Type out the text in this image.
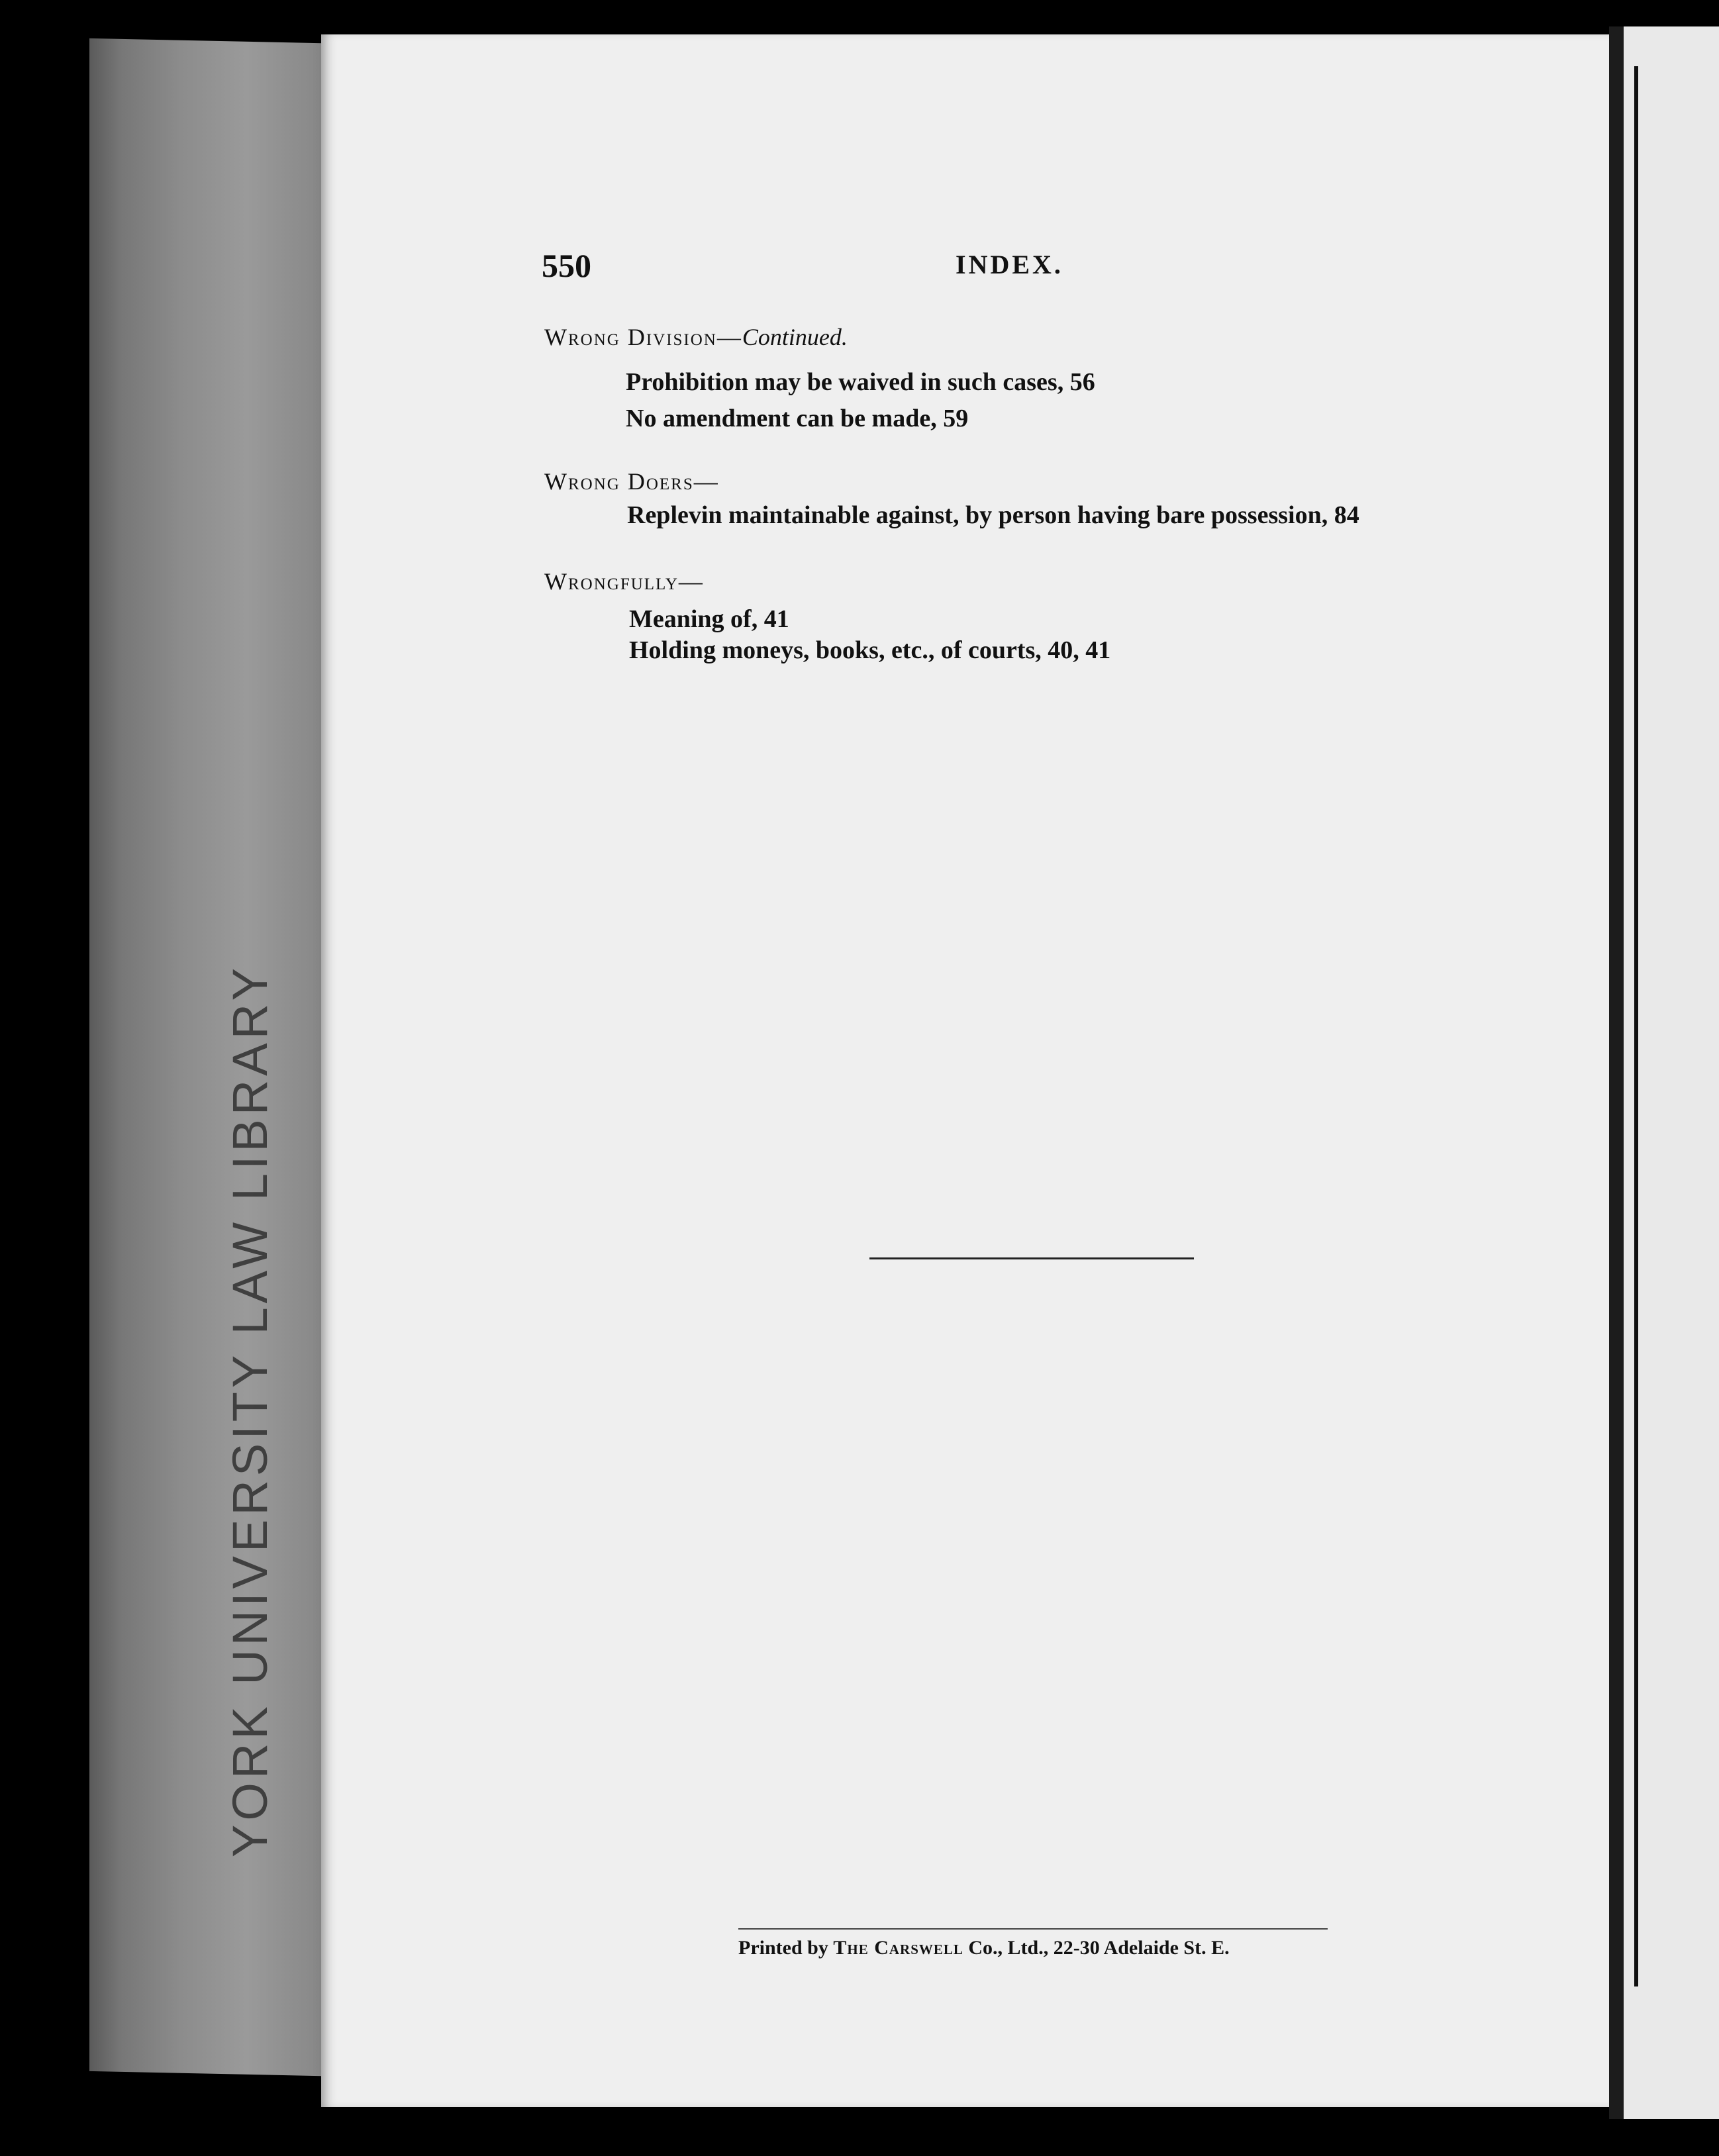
YORK UNIVERSITY LAW LIBRARY
550	INDEX.
Wrong Division—Continued.
Prohibition may be waived in such cases, 56
No amendment can be made, 59
Wrong Doers—
Replevin maintainable against, by person having bare possession, 84
Wrongfully—
Meaning of, 41
Holding moneys, books, etc., of courts, 40, 41
Printed by The Carswell Co., Ltd., 22-30 Adelaide St. E.
